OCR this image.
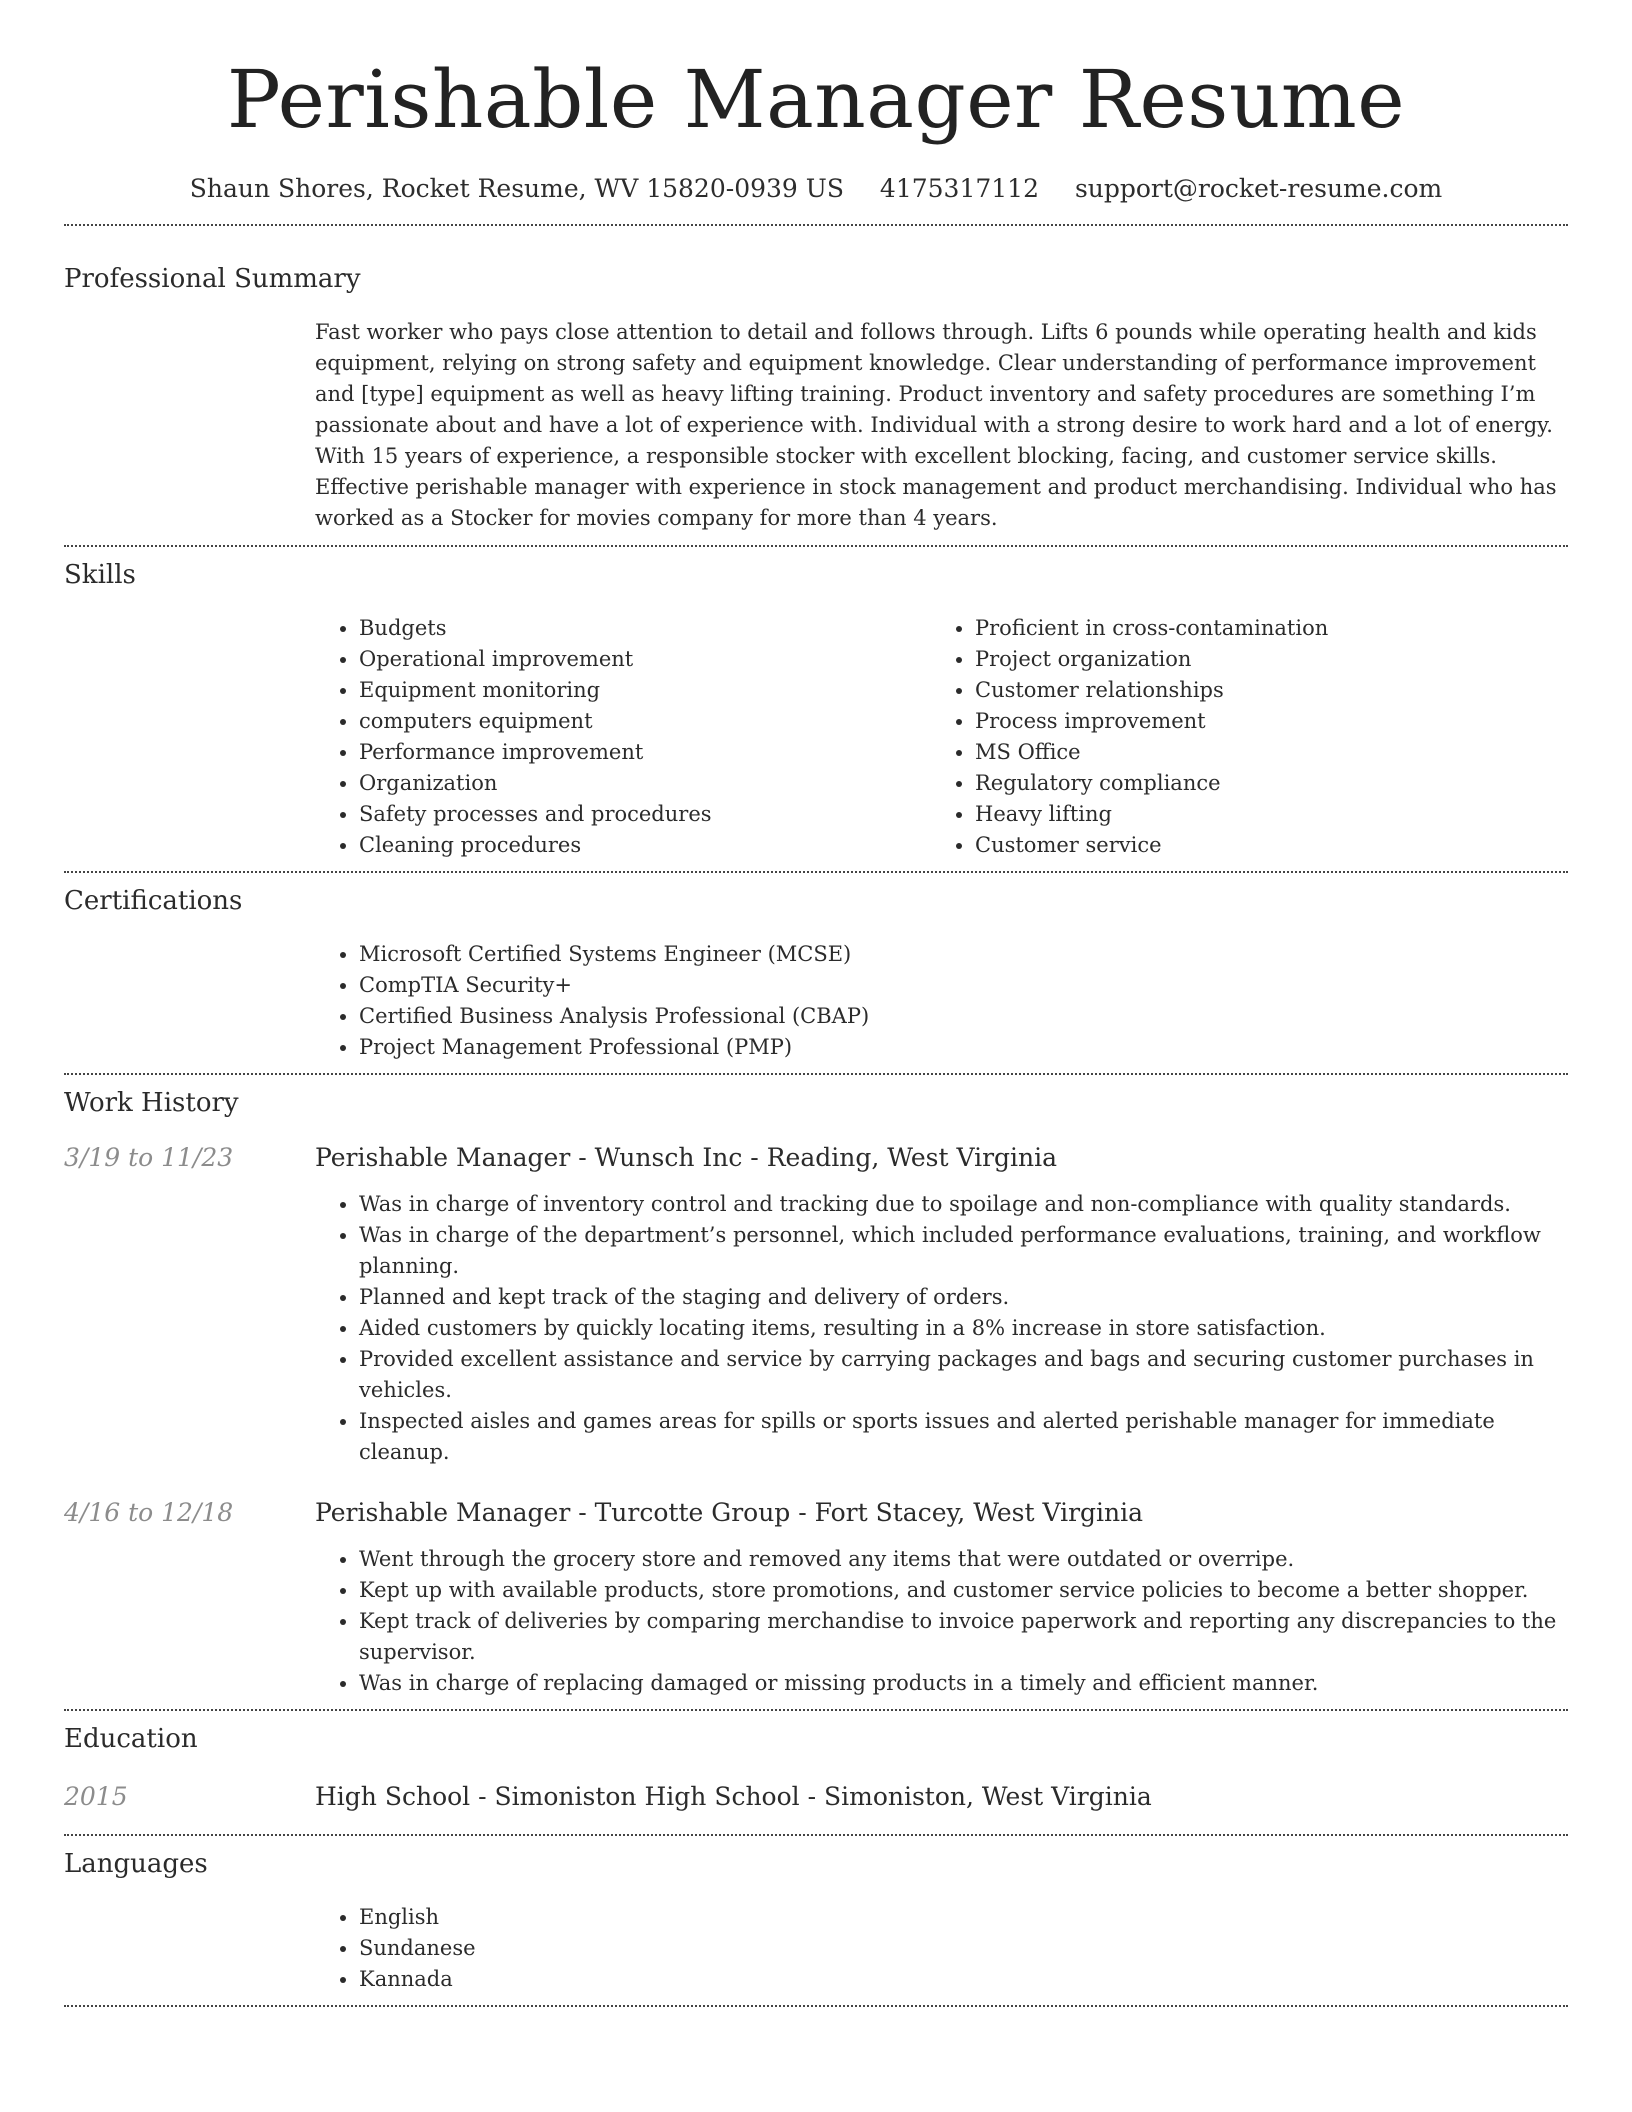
Perishable Manager Resume
Shaun Shores, Rocket Resume, WV 15820-0939 US 4175317112 support@rocket-resume.com
Professional Summary
Fast worker who pays close attention to detail and follows through. Lifts 6 pounds while operating health and kids equipment, relying on strong safety and equipment knowledge. Clear understanding of performance improvement and [type] equipment as well as heavy lifting training. Product inventory and safety procedures are something I’m passionate about and have a lot of experience with. Individual with a strong desire to work hard and a lot of energy. With 15 years of experience, a responsible stocker with excellent blocking, facing, and customer service skills. Effective perishable manager with experience in stock management and product merchandising. Individual who has worked as a Stocker for movies company for more than 4 years.
Skills
• Budgets
• Operational improvement
• Equipment monitoring
• computers equipment
• Performance improvement
• Organization
• Safety processes and procedures
• Cleaning procedures
• Proficient in cross-contamination
• Project organization
• Customer relationships
• Process improvement
• MS Office
• Regulatory compliance
• Heavy lifting
• Customer service
Certifications
• Microsoft Certified Systems Engineer (MCSE)
• CompTIA Security+
• Certified Business Analysis Professional (CBAP)
• Project Management Professional (PMP)
Work History
3/19 to 11/23	Perishable Manager - Wunsch Inc - Reading, West Virginia
• Was in charge of inventory control and tracking due to spoilage and non-compliance with quality standards.
• Was in charge of the department’s personnel, which included performance evaluations, training, and workflow planning.
• Planned and kept track of the staging and delivery of orders.
• Aided customers by quickly locating items, resulting in a 8% increase in store satisfaction.
• Provided excellent assistance and service by carrying packages and bags and securing customer purchases in vehicles.
• Inspected aisles and games areas for spills or sports issues and alerted perishable manager for immediate cleanup.
4/16 to 12/18	Perishable Manager - Turcotte Group - Fort Stacey, West Virginia
• Went through the grocery store and removed any items that were outdated or overripe.
• Kept up with available products, store promotions, and customer service policies to become a better shopper.
• Kept track of deliveries by comparing merchandise to invoice paperwork and reporting any discrepancies to the supervisor.
• Was in charge of replacing damaged or missing products in a timely and efficient manner.
Education
2015	High School - Simoniston High School - Simoniston, West Virginia
Languages
• English
• Sundanese
• Kannada
